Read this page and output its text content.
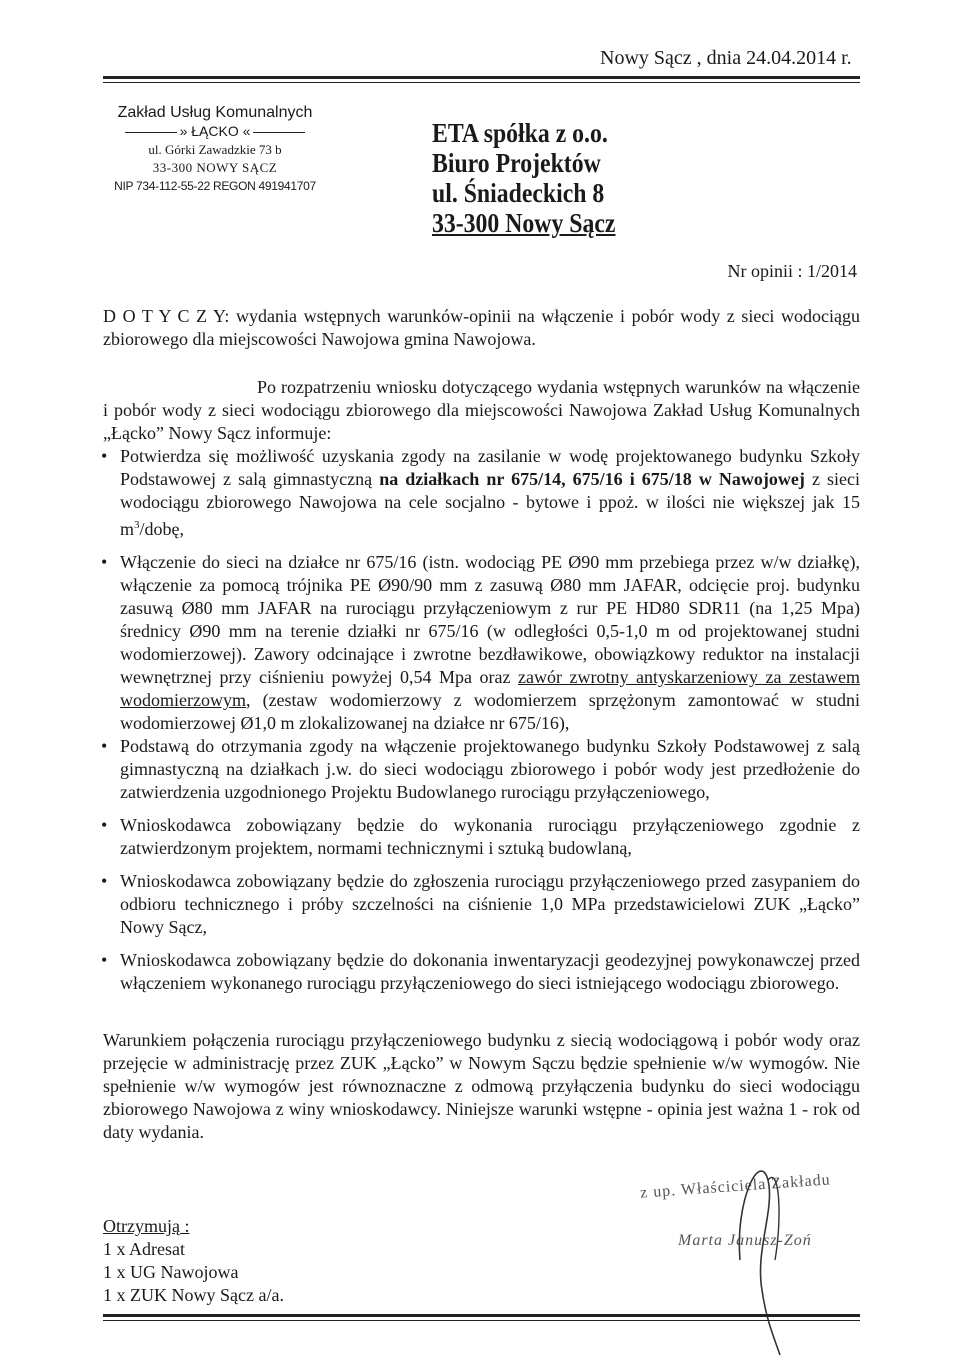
Nowy Sącz , dnia 24.04.2014 r.
Zakład Usług Komunalnych
» ŁĄCKO «
ul. Górki Zawadzkie 73 b
33-300 NOWY SĄCZ
NIP 734-112-55-22 REGON 491941707
ETA spółka z o.o.
Biuro Projektów
ul. Śniadeckich 8
33-300 Nowy Sącz
Nr opinii : 1/2014
D O T Y C Z Y: wydania wstępnych warunków-opinii na włączenie i pobór wody z sieci wodociągu zbiorowego dla miejscowości Nawojowa gmina Nawojowa.
Po rozpatrzeniu wniosku dotyczącego wydania wstępnych warunków na włączenie i pobór wody z sieci wodociągu zbiorowego dla miejscowości Nawojowa Zakład Usług Komunalnych „Łącko” Nowy Sącz informuje:
• Potwierdza się możliwość uzyskania zgody na zasilanie w wodę projektowanego budynku Szkoły Podstawowej z salą gimnastyczną na działkach nr 675/14, 675/16 i 675/18 w Nawojowej z sieci wodociągu zbiorowego Nawojowa na cele socjalno - bytowe i ppoż. w ilości nie większej jak 15 $m^3$/dobę,
• Włączenie do sieci na działce nr 675/16 (istn. wodociąg PE Ø90 mm przebiega przez w/w działkę), włączenie za pomocą trójnika PE Ø90/90 mm z zasuwą Ø80 mm JAFAR, odcięcie proj. budynku zasuwą Ø80 mm JAFAR na rurociągu przyłączeniowym z rur PE HD80 SDR11 (na 1,25 Mpa) średnicy Ø90 mm na terenie działki nr 675/16 (w odległości 0,5-1,0 m od projektowanej studni wodomierzowej). Zawory odcinające i zwrotne bezdławikowe, obowiązkowy reduktor na instalacji wewnętrznej przy ciśnieniu powyżej 0,54 Mpa oraz zawór zwrotny antyskarzeniowy za zestawem wodomierzowym, (zestaw wodomierzowy z wodomierzem sprzężonym zamontować w studni wodomierzowej Ø1,0 m zlokalizowanej na działce nr 675/16),
• Podstawą do otrzymania zgody na włączenie projektowanego budynku Szkoły Podstawowej z salą gimnastyczną na działkach j.w. do sieci wodociągu zbiorowego i pobór wody jest przedłożenie do zatwierdzenia uzgodnionego Projektu Budowlanego rurociągu przyłączeniowego,
• Wnioskodawca zobowiązany będzie do wykonania rurociągu przyłączeniowego zgodnie z zatwierdzonym projektem, normami technicznymi i sztuką budowlaną,
• Wnioskodawca zobowiązany będzie do zgłoszenia rurociągu przyłączeniowego przed zasypaniem do odbioru technicznego i próby szczelności na ciśnienie 1,0 MPa przedstawicielowi ZUK „Łącko” Nowy Sącz,
• Wnioskodawca zobowiązany będzie do dokonania inwentaryzacji geodezyjnej powykonawczej przed włączeniem wykonanego rurociągu przyłączeniowego do sieci istniejącego wodociągu zbiorowego.
Warunkiem połączenia rurociągu przyłączeniowego budynku z siecią wodociągową i pobór wody oraz przejęcie w administrację przez ZUK „Łącko” w Nowym Sączu będzie spełnienie w/w wymogów. Nie spełnienie w/w wymogów jest równoznaczne z odmową przyłączenia budynku do sieci wodociągu zbiorowego Nawojowa z winy wnioskodawcy. Niniejsze warunki wstępne - opinia jest ważna 1 - rok od daty wydania.
Otrzymują :
1 x Adresat
1 x UG Nawojowa
1 x ZUK Nowy Sącz a/a.
z up. Właściciela Zakładu
Marta Janusz-Zoń
